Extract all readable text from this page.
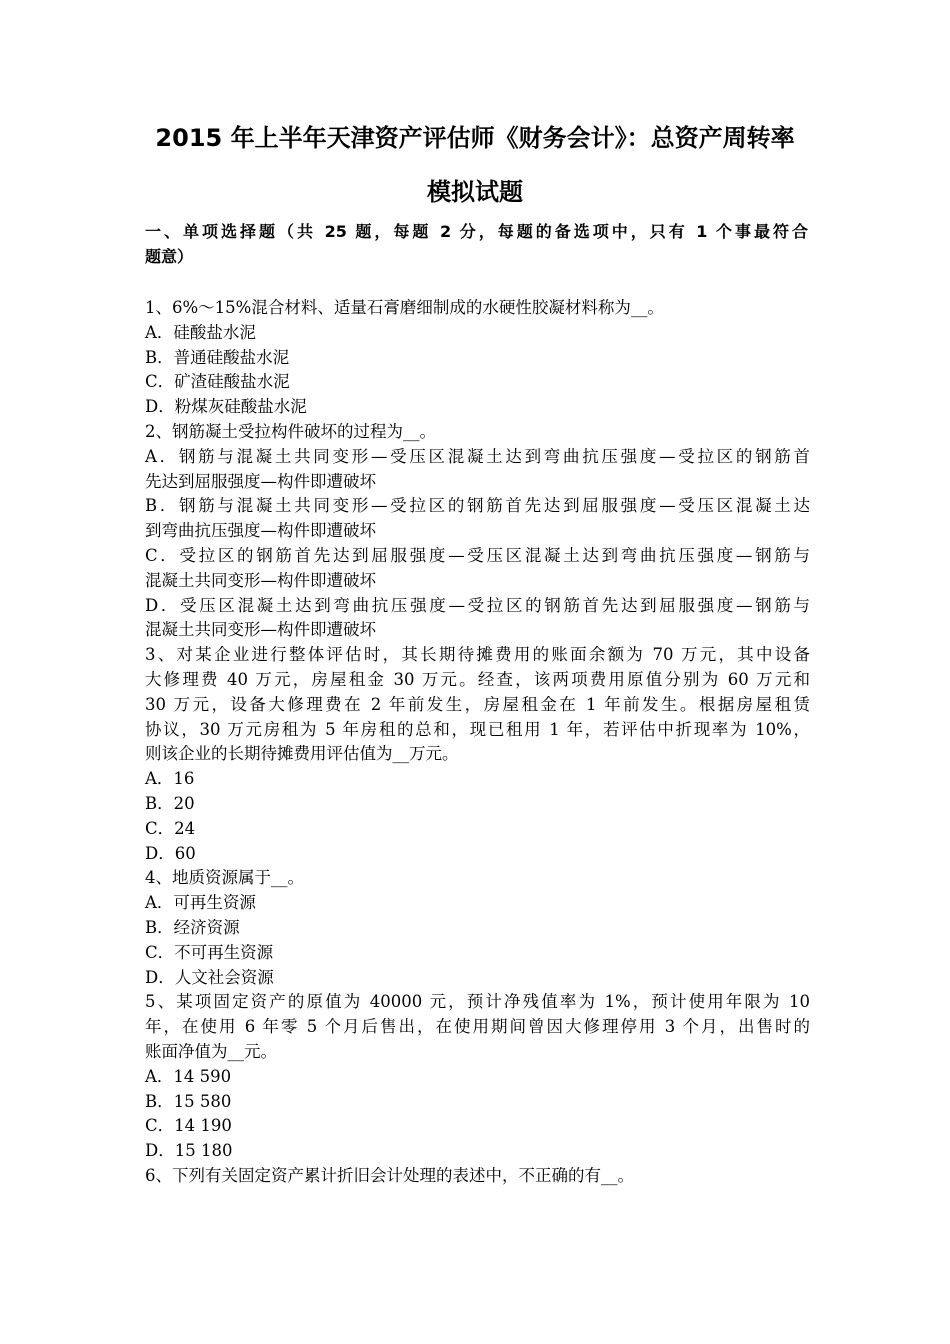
2015 年上半年天津资产评估师《财务会计》：总资产周转率
模拟试题
一、单项选择题（共 25 题，每题 2 分，每题的备选项中，只有 1 个事最符合
题意）
1、6%～15%混合材料、适量石膏磨细制成的水硬性胶凝材料称为__。
A．硅酸盐水泥
B．普通硅酸盐水泥
C．矿渣硅酸盐水泥
D．粉煤灰硅酸盐水泥
2、钢筋凝土受拉构件破坏的过程为__。
A．钢筋与混凝土共同变形—受压区混凝土达到弯曲抗压强度—受拉区的钢筋首
先达到屈服强度—构件即遭破坏
B．钢筋与混凝土共同变形—受拉区的钢筋首先达到屈服强度—受压区混凝土达
到弯曲抗压强度—构件即遭破坏
C．受拉区的钢筋首先达到屈服强度—受压区混凝土达到弯曲抗压强度—钢筋与
混凝土共同变形—构件即遭破坏
D．受压区混凝土达到弯曲抗压强度—受拉区的钢筋首先达到屈服强度—钢筋与
混凝土共同变形—构件即遭破坏
3、对某企业进行整体评估时，其长期待摊费用的账面余额为 70 万元，其中设备
大修理费 40 万元，房屋租金 30 万元。经查，该两项费用原值分别为 60 万元和
30 万元，设备大修理费在 2 年前发生，房屋租金在 1 年前发生。根据房屋租赁
协议，30 万元房租为 5 年房租的总和，现已租用 1 年，若评估中折现率为 10%，
则该企业的长期待摊费用评估值为__万元。
A．16
B．20
C．24
D．60
4、地质资源属于__。
A．可再生资源
B．经济资源
C．不可再生资源
D．人文社会资源
5、某项固定资产的原值为 40000 元，预计净残值率为 1%，预计使用年限为 10
年，在使用 6 年零 5 个月后售出，在使用期间曾因大修理停用 3 个月，出售时的
账面净值为__元。
A．14 590
B．15 580
C．14 190
D．15 180
6、下列有关固定资产累计折旧会计处理的表述中，不正确的有__。
